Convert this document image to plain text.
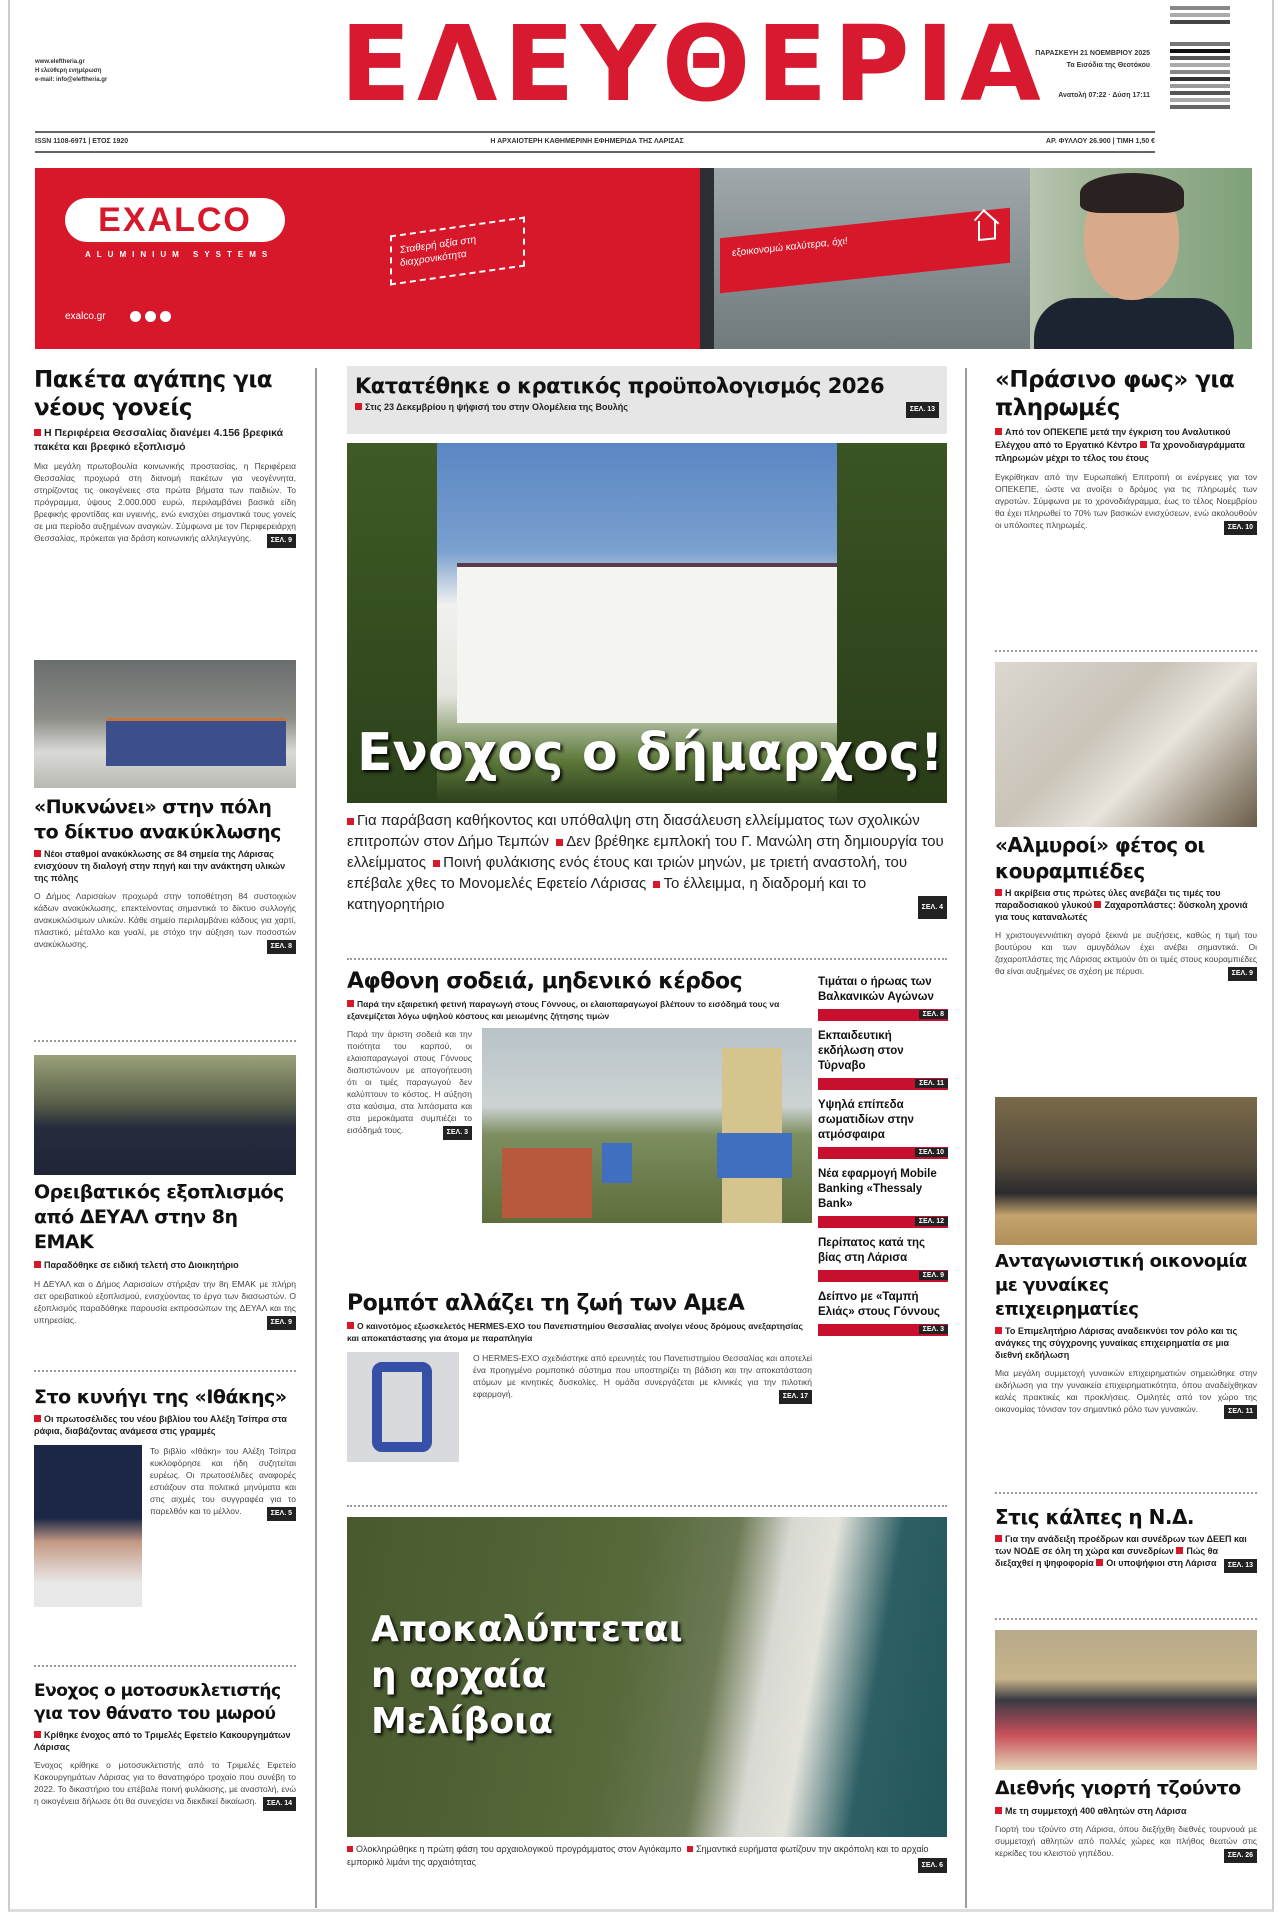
www.eleftheria.gr
Η ελεύθερη ενημέρωση
e-mail: info@eleftheria.gr ΕΛΕΥΘΕΡΙΑ
ΠΑΡΑΣΚΕΥΗ 21 ΝΟΕΜΒΡΙΟΥ 2025
Τα Εισόδια της Θεοτόκου
Ανατολή 07:22 · Δύση 17:11
ISSN 1108-6971 | ΕΤΟΣ 1920	Η ΑΡΧΑΙΟΤΕΡΗ ΚΑΘΗΜΕΡΙΝΗ ΕΦΗΜΕΡΙΔΑ ΤΗΣ ΛΑΡΙΣΑΣ	ΑΡ. ΦΥΛΛΟΥ 26.900 | ΤΙΜΗ 1,50 €
EXALCO
ALUMINIUM SYSTEMS	Σταθερή αξία στη διαχρονικότητα
exalco.gr
εξοικονομώ καλύτερα, όχι!
Πακέτα αγάπης για νέους γονείς
Η Περιφέρεια Θεσσαλίας διανέμει 4.156 βρεφικά πακέτα και βρεφικό εξοπλισμό
Μια μεγάλη πρωτοβουλία κοινωνικής προστασίας, η Περιφέρεια Θεσσαλίας προχωρά στη διανομή πακέτων για νεογέννητα, στηρίζοντας τις οικογένειες στα πρώτα βήματα των παιδιών. Το πρόγραμμα, ύψους 2.000.000 ευρώ, περιλαμβάνει βασικά είδη βρεφικής φροντίδας και υγιεινής, ενώ ενισχύει σημαντικά τους γονείς σε μια περίοδο αυξημένων αναγκών. Σύμφωνα με τον Περιφερειάρχη Θεσσαλίας, πρόκειται για δράση κοινωνικής αλληλεγγύης.	ΣΕΛ. 9
«Πυκνώνει» στην πόλη το δίκτυο ανακύκλωσης
Νέοι σταθμοί ανακύκλωσης σε 84 σημεία της Λάρισας ενισχύουν τη διαλογή στην πηγή και την ανάκτηση υλικών της πόλης
Ο Δήμος Λαρισαίων προχωρά στην τοποθέτηση 84 συστοιχιών κάδων ανακύκλωσης, επεκτείνοντας σημαντικά το δίκτυο συλλογής ανακυκλώσιμων υλικών. Κάθε σημείο περιλαμβάνει κάδους για χαρτί, πλαστικό, μέταλλο και γυαλί, με στόχο την αύξηση των ποσοστών ανακύκλωσης.	ΣΕΛ. 8
Ορειβατικός εξοπλισμός από ΔΕΥΑΛ στην 8η ΕΜΑΚ
Παραδόθηκε σε ειδική τελετή στο Διοικητήριο
Η ΔΕΥΑΛ και ο Δήμος Λαρισαίων στήριξαν την 8η ΕΜΑΚ με πλήρη σετ ορειβατικού εξοπλισμού, ενισχύοντας το έργο των διασωστών. Ο εξοπλισμός παραδόθηκε παρουσία εκπροσώπων της ΔΕΥΑΛ και της υπηρεσίας.	ΣΕΛ. 9
Στο κυνήγι της «Ιθάκης»
Οι πρωτοσέλιδες του νέου βιβλίου του Αλέξη Τσίπρα στα ράφια, διαβάζοντας ανάμεσα στις γραμμές
Το βιβλίο «Ιθάκη» του Αλέξη Τσίπρα κυκλοφόρησε και ήδη συζητείται ευρέως. Οι πρωτοσέλιδες αναφορές εστιάζουν στα πολιτικά μηνύματα και στις αιχμές του συγγραφέα για το παρελθόν και το μέλλον.	ΣΕΛ. 5
Ενοχος ο μοτοσυκλετιστής για τον θάνατο του μωρού
Κρίθηκε ένοχος από το Τριμελές Εφετείο Κακουργημάτων Λάρισας
Ένοχος κρίθηκε ο μοτοσυκλετιστής από το Τριμελές Εφετείο Κακουργημάτων Λάρισας για το θανατηφόρο τροχαίο που συνέβη το 2022. Το δικαστήριο του επέβαλε ποινή φυλάκισης, με αναστολή, ενώ η οικογένεια δήλωσε ότι θα συνεχίσει να διεκδικεί δικαίωση.	ΣΕΛ. 14
Κατατέθηκε ο κρατικός προϋπολογισμός 2026
Στις 23 Δεκεμβρίου η ψήφισή του στην Ολομέλεια της Βουλής	ΣΕΛ. 13
Ενοχος ο δήμαρχος!
Για παράβαση καθήκοντος και υπόθαλψη στη διασάλευση ελλείμματος των σχολικών επιτροπών στον Δήμο Τεμπών Δεν βρέθηκε εμπλοκή του Γ. Μανώλη στη δημιουργία του ελλείμματος Ποινή φυλάκισης ενός έτους και τριών μηνών, με τριετή αναστολή, του επέβαλε χθες το Μονομελές Εφετείο Λάρισας Το έλλειμμα, η διαδρομή και το κατηγορητήριο	ΣΕΛ. 4
Αφθονη σοδειά, μηδενικό κέρδος
Παρά την εξαιρετική φετινή παραγωγή στους Γόννους, οι ελαιοπαραγωγοί βλέπουν το εισόδημά τους να εξανεμίζεται λόγω υψηλού κόστους και μειωμένης ζήτησης τιμών
Παρά την άριστη σοδειά και την ποιότητα του καρπού, οι ελαιοπαραγωγοί στους Γόννους διαπιστώνουν με απογοήτευση ότι οι τιμές παραγωγού δεν καλύπτουν το κόστος. Η αύξηση στα καύσιμα, στα λιπάσματα και στα μεροκάματα συμπιέζει το εισόδημά τους.	ΣΕΛ. 3
Τιμάται ο ήρωας των Βαλκανικών Αγώνων
ΣΕΛ. 8
Εκπαιδευτική εκδήλωση στον Τύρναβο
ΣΕΛ. 11
Υψηλά επίπεδα σωματιδίων στην ατμόσφαιρα
ΣΕΛ. 10
Νέα εφαρμογή Mobile Banking «Thessaly Bank»
ΣΕΛ. 12
Περίπατος κατά της βίας στη Λάρισα
ΣΕΛ. 9
Δείπνο με «Ταμπή Ελιάς» στους Γόννους
ΣΕΛ. 3
Ρομπότ αλλάζει τη ζωή των ΑμεΑ
Ο καινοτόμος εξωσκελετός HERMES-EXO του Πανεπιστημίου Θεσσαλίας ανοίγει νέους δρόμους ανεξαρτησίας και αποκατάστασης για άτομα με παραπληγία
Ο HERMES-EXO σχεδιάστηκε από ερευνητές του Πανεπιστημίου Θεσσαλίας και αποτελεί ένα προηγμένο ρομποτικό σύστημα που υποστηρίζει τη βάδιση και την αποκατάσταση ατόμων με κινητικές δυσκολίες. Η ομάδα συνεργάζεται με κλινικές για την πιλοτική εφαρμογή.	ΣΕΛ. 17
Αποκαλύπτεται
η αρχαία
Μελίβοια
Ολοκληρώθηκε η πρώτη φάση του αρχαιολογικού προγράμματος στον Αγιόκαμπο Σημαντικά ευρήματα φωτίζουν την ακρόπολη και το αρχαίο εμπορικό λιμάνι της αρχαιότητας	ΣΕΛ. 6
«Πράσινο φως» για πληρωμές
Από τον ΟΠΕΚΕΠΕ μετά την έγκριση του Αναλυτικού Ελέγχου από το Εργατικό Κέντρο Τα χρονοδιαγράμματα πληρωμών μέχρι το τέλος του έτους
Εγκρίθηκαν από την Ευρωπαϊκή Επιτροπή οι ενέργειες για τον ΟΠΕΚΕΠΕ, ώστε να ανοίξει ο δρόμος για τις πληρωμές των αγροτών. Σύμφωνα με το χρονοδιάγραμμα, έως το τέλος Νοεμβρίου θα έχει πληρωθεί το 70% των βασικών ενισχύσεων, ενώ ακολουθούν οι υπόλοιπες πληρωμές.	ΣΕΛ. 10
«Αλμυροί» φέτος οι κουραμπιέδες
Η ακρίβεια στις πρώτες ύλες ανεβάζει τις τιμές του παραδοσιακού γλυκού Ζαχαροπλάστες: δύσκολη χρονιά για τους καταναλωτές
Η χριστουγεννιάτικη αγορά ξεκινά με αυξήσεις, καθώς η τιμή του βουτύρου και των αμυγδάλων έχει ανέβει σημαντικά. Οι ζαχαροπλάστες της Λάρισας εκτιμούν ότι οι τιμές στους κουραμπιέδες θα είναι αυξημένες σε σχέση με πέρυσι.	ΣΕΛ. 9
Ανταγωνιστική οικονομία με γυναίκες επιχειρηματίες
Το Επιμελητήριο Λάρισας αναδεικνύει τον ρόλο και τις ανάγκες της σύγχρονης γυναίκας επιχειρηματία σε μια διεθνή εκδήλωση
Μια μεγάλη συμμετοχή γυναικών επιχειρηματιών σημειώθηκε στην εκδήλωση για την γυναικεία επιχειρηματικότητα, όπου αναδείχθηκαν καλές πρακτικές και προκλήσεις. Ομιλητές από τον χώρο της οικονομίας τόνισαν τον σημαντικό ρόλο των γυναικών.	ΣΕΛ. 11
Στις κάλπες η Ν.Δ.
Για την ανάδειξη προέδρων και συνέδρων των ΔΕΕΠ και των ΝΟΔΕ σε όλη τη χώρα και συνεδρίων Πώς θα διεξαχθεί η ψηφοφορία Οι υποψήφιοι στη Λάρισα	ΣΕΛ. 13
Διεθνής γιορτή τζούντο
Με τη συμμετοχή 400 αθλητών στη Λάρισα
Γιορτή του τζούντο στη Λάρισα, όπου διεξήχθη διεθνές τουρνουά με συμμετοχή αθλητών από πολλές χώρες και πλήθος θεατών στις κερκίδες του κλειστού γηπέδου.	ΣΕΛ. 26
